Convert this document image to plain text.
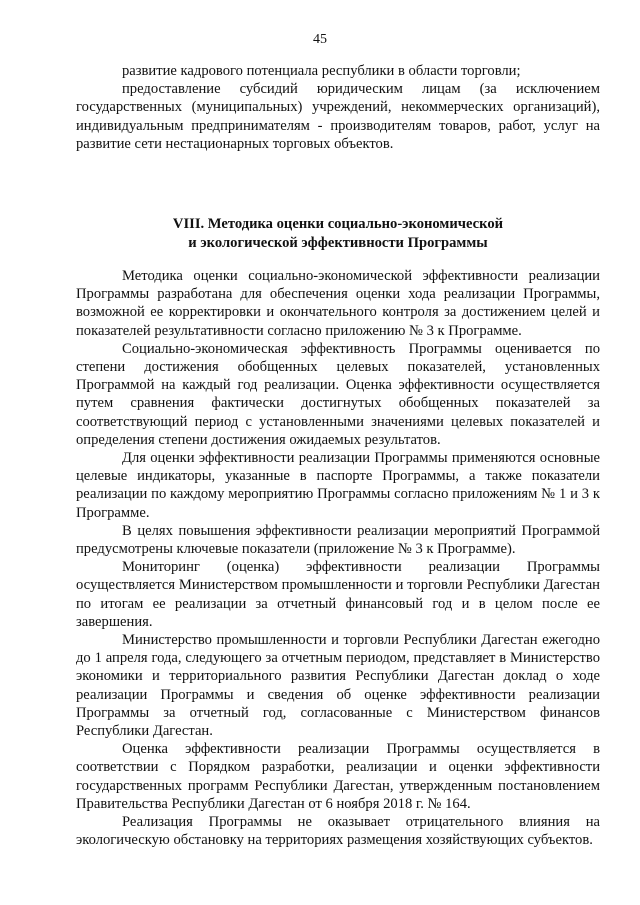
45

развитие кадрового потенциала республики в области торговли;

предоставление субсидий юридическим лицам (за исключением государственных (муниципальных) учреждений, некоммерческих организаций), индивидуальным предпринимателям - производителям товаров, работ, услуг на развитие сети нестационарных торговых объектов.

VIII. Методика оценки социально-экономической
и экологической эффективности Программы

Методика оценки социально-экономической эффективности реализации Программы разработана для обеспечения оценки хода реализации Программы, возможной ее корректировки и окончательного контроля за достижением целей и показателей результативности согласно приложению № 3 к Программе.

Социально-экономическая эффективность Программы оценивается по степени достижения обобщенных целевых показателей, установленных Программой на каждый год реализации. Оценка эффективности осуществляется путем сравнения фактически достигнутых обобщенных показателей за соответствующий период с установленными значениями целевых показателей и определения степени достижения ожидаемых результатов.

Для оценки эффективности реализации Программы применяются основные целевые индикаторы, указанные в паспорте Программы, а также показатели реализации по каждому мероприятию Программы согласно приложениям № 1 и 3 к Программе.

В целях повышения эффективности реализации мероприятий Программой предусмотрены ключевые показатели (приложение № 3 к Программе).

Мониторинг (оценка) эффективности реализации Программы осуществляется Министерством промышленности и торговли Республики Дагестан по итогам ее реализации за отчетный финансовый год и в целом после ее завершения.

Министерство промышленности и торговли Республики Дагестан ежегодно до 1 апреля года, следующего за отчетным периодом, представляет в Министерство экономики и территориального развития Республики Дагестан доклад о ходе реализации Программы и сведения об оценке эффективности реализации Программы за отчетный год, согласованные с Министерством финансов Республики Дагестан.

Оценка эффективности реализации Программы осуществляется в соответствии с Порядком разработки, реализации и оценки эффективности государственных программ Республики Дагестан, утвержденным постановлением Правительства Республики Дагестан от 6 ноября 2018 г. № 164.

Реализация Программы не оказывает отрицательного влияния на экологическую обстановку на территориях размещения хозяйствующих субъектов.
